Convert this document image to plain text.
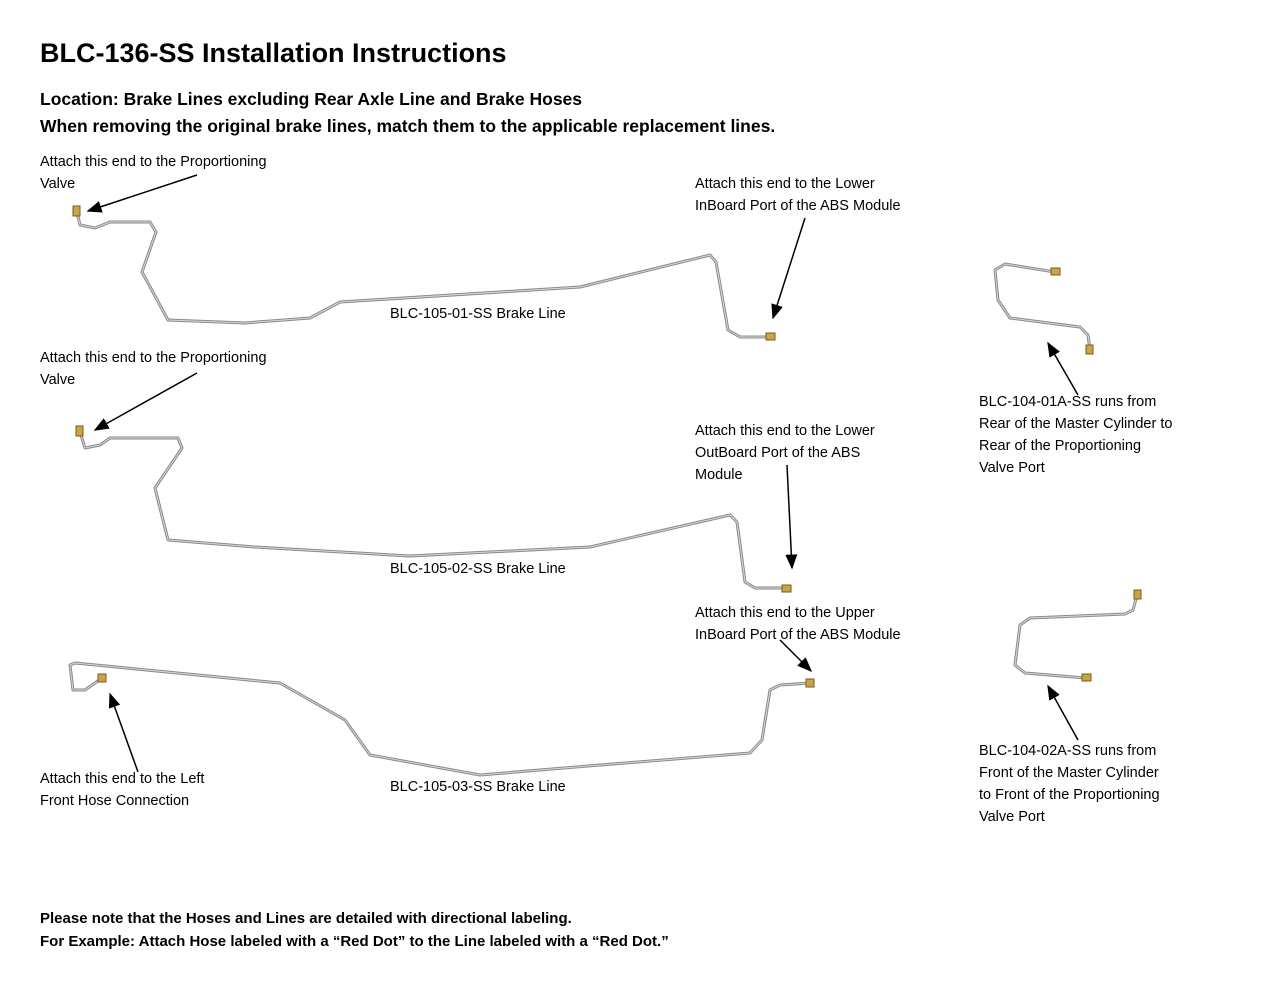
BLC-136-SS Installation Instructions
Location: Brake Lines excluding Rear Axle Line and Brake Hoses
When removing the original brake lines, match them to the applicable replacement lines.
Attach this end to the Proportioning
Valve	Attach this end to the Lower
InBoard Port of the ABS Module
BLC-105-01-SS Brake Line
Attach this end to the Proportioning
Valve
Attach this end to the Lower
OutBoard Port of the ABS
Module
BLC-105-02-SS Brake Line
Attach this end to the Left
Front Hose Connection
Attach this end to the Upper
InBoard Port of the ABS Module
BLC-105-03-SS Brake Line
BLC-104-01A-SS runs from
Rear of the Master Cylinder to
Rear of the Proportioning
Valve Port
BLC-104-02A-SS runs from
Front of the Master Cylinder
to Front of the Proportioning
Valve Port
Please note that the Hoses and Lines are detailed with directional labeling.
For Example: Attach Hose labeled with a “Red Dot” to the Line labeled with a “Red Dot.”
